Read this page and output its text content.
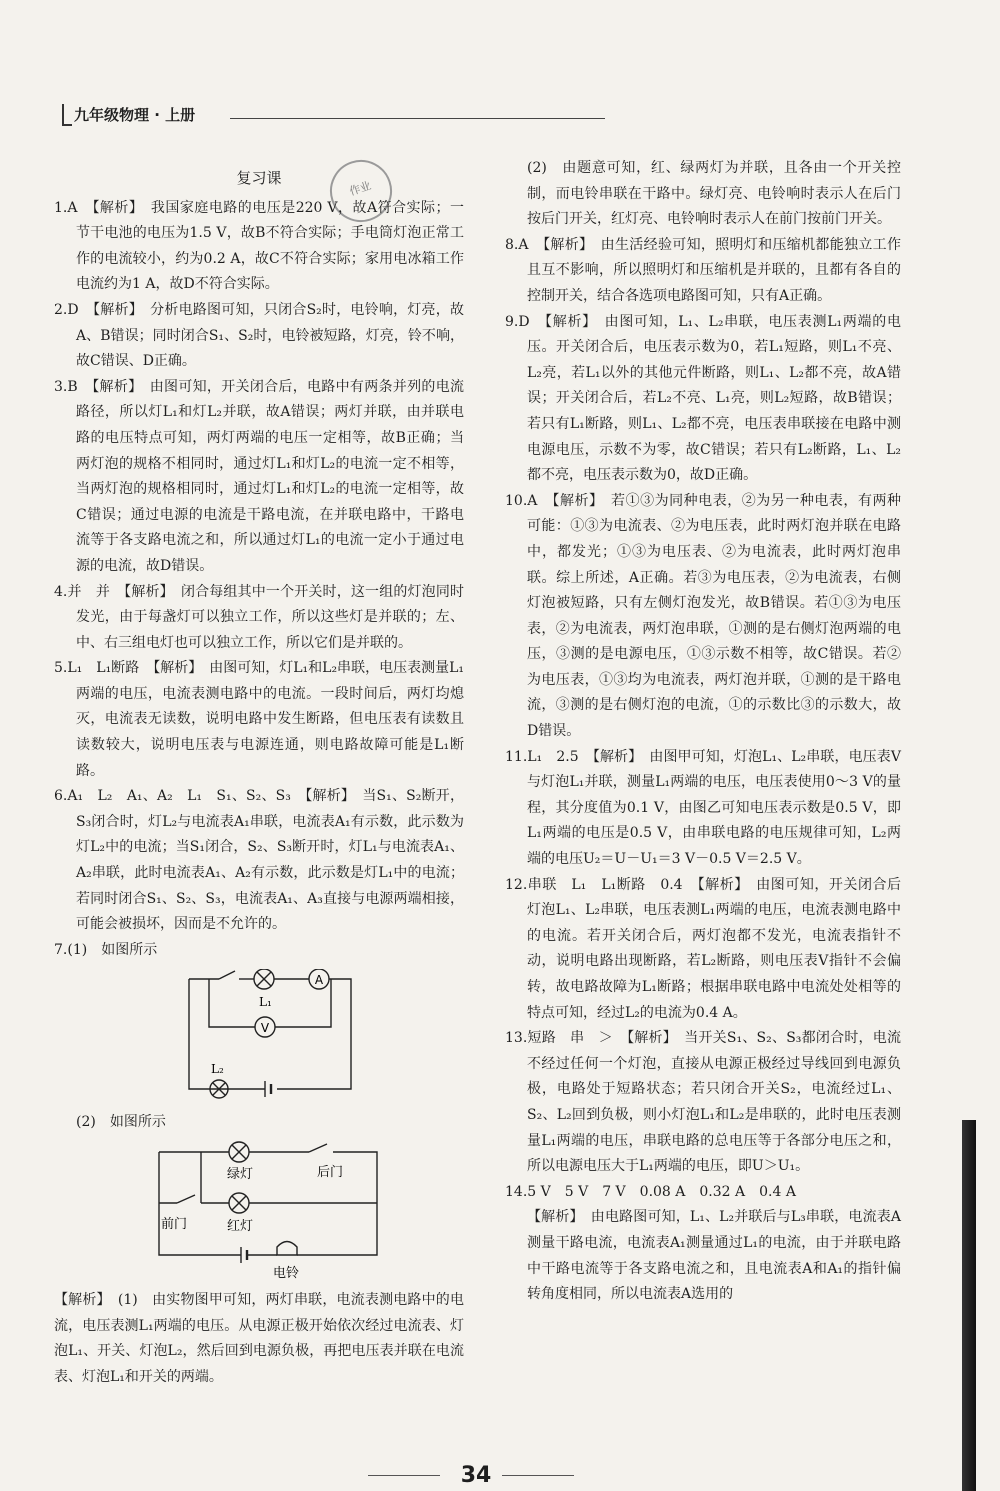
九年级物理 · 上册
作业
复习课

1.A　【解析】　我国家庭电路的电压是220 V，故A符合实际；一节干电池的电压为1.5 V，故B不符合实际；手电筒灯泡正常工作的电流较小，约为0.2 A，故C不符合实际；家用电冰箱工作电流约为1 A，故D不符合实际。

2.D　【解析】　分析电路图可知，只闭合S₂时，电铃响，灯亮，故A、B错误；同时闭合S₁、S₂时，电铃被短路，灯亮，铃不响，故C错误、D正确。

3.B　【解析】　由图可知，开关闭合后，电路中有两条并列的电流路径，所以灯L₁和灯L₂并联，故A错误；两灯并联，由并联电路的电压特点可知，两灯两端的电压一定相等，故B正确；当两灯泡的规格不相同时，通过灯L₁和灯L₂的电流一定不相等，当两灯泡的规格相同时，通过灯L₁和灯L₂的电流一定相等，故C错误；通过电源的电流是干路电流，在并联电路中，干路电流等于各支路电流之和，所以通过灯L₁的电流一定小于通过电源的电流，故D错误。

4.并　并　【解析】　闭合每组其中一个开关时，这一组的灯泡同时发光，由于每盏灯可以独立工作，所以这些灯是并联的；左、中、右三组电灯也可以独立工作，所以它们是并联的。

5.L₁　L₁断路　【解析】　由图可知，灯L₁和L₂串联，电压表测量L₁两端的电压，电流表测电路中的电流。一段时间后，两灯均熄灭，电流表无读数，说明电路中发生断路，但电压表有读数且读数较大，说明电压表与电源连通，则电路故障可能是L₁断路。

6.A₁　L₂　A₁、A₂　L₁　S₁、S₂、S₃　【解析】　当S₁、S₂断开，S₃闭合时，灯L₂与电流表A₁串联，电流表A₁有示数，此示数为灯L₂中的电流；当S₁闭合，S₂、S₃断开时，灯L₁与电流表A₁、A₂串联，此时电流表A₁、A₂有示数，此示数是灯L₁中的电流；若同时闭合S₁、S₂、S₃，电流表A₁、A₃直接与电源两端相接，可能会被损坏，因而是不允许的。

7.(1)　如图所示

A
V
L₁
L₂

(2)　如图所示

绿灯	后门
前门	红灯
电铃

【解析】　(1)　由实物图甲可知，两灯串联，电流表测电路中的电流，电压表测L₁两端的电压。从电源正极开始依次经过电流表、灯泡L₁、开关、灯泡L₂，然后回到电源负极，再把电压表并联在电流表、灯泡L₁和开关的两端。

(2)　由题意可知，红、绿两灯为并联，且各由一个开关控制，而电铃串联在干路中。绿灯亮、电铃响时表示人在后门按后门开关，红灯亮、电铃响时表示人在前门按前门开关。

8.A　【解析】　由生活经验可知，照明灯和压缩机都能独立工作且互不影响，所以照明灯和压缩机是并联的，且都有各自的控制开关，结合各选项电路图可知，只有A正确。

9.D　【解析】　由图可知，L₁、L₂串联，电压表测L₁两端的电压。开关闭合后，电压表示数为0，若L₁短路，则L₁不亮、L₂亮，若L₁以外的其他元件断路，则L₁、L₂都不亮，故A错误；开关闭合后，若L₂不亮、L₁亮，则L₂短路，故B错误；若只有L₁断路，则L₁、L₂都不亮，电压表串联接在电路中测电源电压，示数不为零，故C错误；若只有L₂断路，L₁、L₂都不亮，电压表示数为0，故D正确。

10.A　【解析】　若①③为同种电表，②为另一种电表，有两种可能：①③为电流表、②为电压表，此时两灯泡并联在电路中，都发光；①③为电压表、②为电流表，此时两灯泡串联。综上所述，A正确。若③为电压表，②为电流表，右侧灯泡被短路，只有左侧灯泡发光，故B错误。若①③为电压表，②为电流表，两灯泡串联，①测的是右侧灯泡两端的电压，③测的是电源电压，①③示数不相等，故C错误。若②为电压表，①③均为电流表，两灯泡并联，①测的是干路电流，③测的是右侧灯泡的电流，①的示数比③的示数大，故D错误。

11.L₁　2.5　【解析】　由图甲可知，灯泡L₁、L₂串联，电压表V与灯泡L₁并联，测量L₁两端的电压，电压表使用0～3 V的量程，其分度值为0.1 V，由图乙可知电压表示数是0.5 V，即L₁两端的电压是0.5 V，由串联电路的电压规律可知，L₂两端的电压U₂＝U－U₁＝3 V－0.5 V＝2.5 V。

12.串联　L₁　L₁断路　0.4　【解析】　由图可知，开关闭合后灯泡L₁、L₂串联，电压表测L₁两端的电压，电流表测电路中的电流。若开关闭合后，两灯泡都不发光，电流表指针不动，说明电路出现断路，若L₂断路，则电压表V指针不会偏转，故电路故障为L₁断路；根据串联电路中电流处处相等的特点可知，经过L₂的电流为0.4 A。

13.短路　串　＞　【解析】　当开关S₁、S₂、S₃都闭合时，电流不经过任何一个灯泡，直接从电源正极经过导线回到电源负极，电路处于短路状态；若只闭合开关S₂，电流经过L₁、S₂、L₂回到负极，则小灯泡L₁和L₂是串联的，此时电压表测量L₁两端的电压，串联电路的总电压等于各部分电压之和，所以电源电压大于L₁两端的电压，即U＞U₁。

14.5 V　5 V　7 V　0.08 A　0.32 A　0.4 A

【解析】　由电路图可知，L₁、L₂并联后与L₃串联，电流表A测量干路电流，电流表A₁测量通过L₁的电流，由于并联电路中干路电流等于各支路电流之和，且电流表A和A₁的指针偏转角度相同，所以电流表A选用的

34
